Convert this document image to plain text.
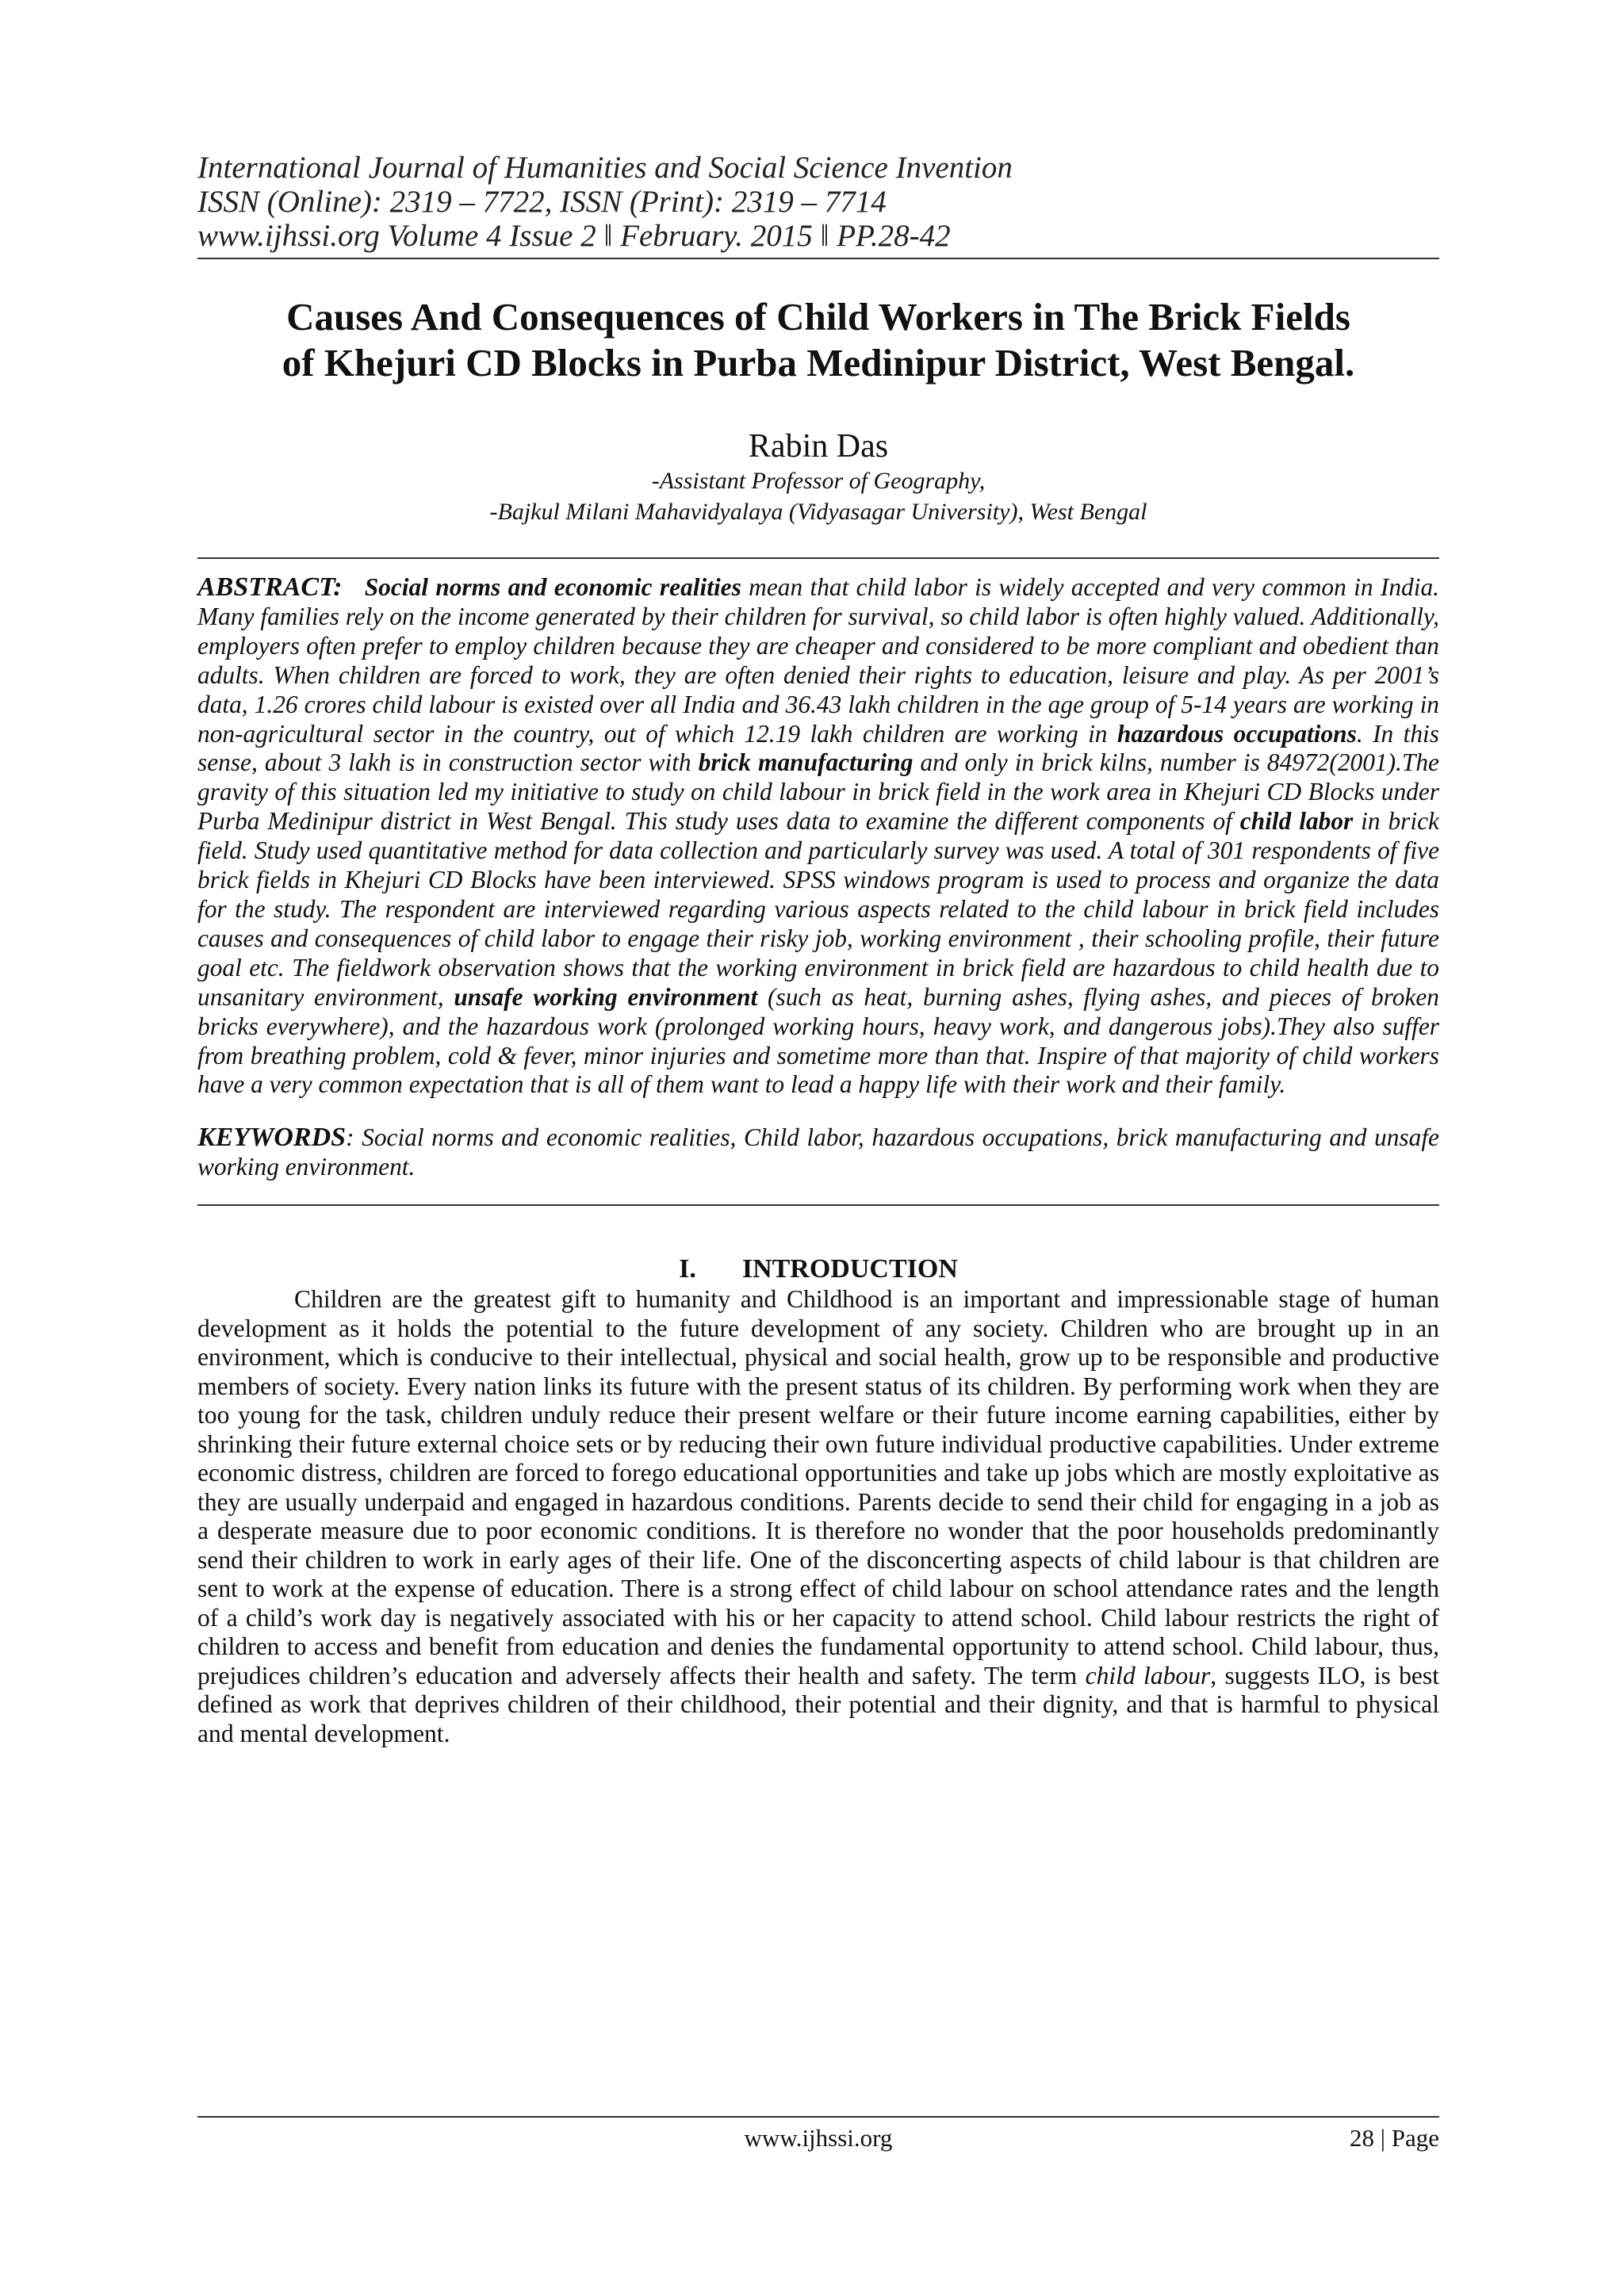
International Journal of Humanities and Social Science Invention
ISSN (Online): 2319 – 7722, ISSN (Print): 2319 – 7714
www.ijhssi.org Volume 4 Issue 2 ǁ February. 2015 ǁ PP.28-42
Causes And Consequences of Child Workers in The Brick Fields
of Khejuri CD Blocks in Purba Medinipur District, West Bengal.
Rabin Das
-Assistant Professor of Geography,
-Bajkul Milani Mahavidyalaya (Vidyasagar University), West Bengal
ABSTRACT: Social norms and economic realities mean that child labor is widely accepted and very common in India. Many families rely on the income generated by their children for survival, so child labor is often highly valued. Additionally, employers often prefer to employ children because they are cheaper and considered to be more compliant and obedient than adults. When children are forced to work, they are often denied their rights to education, leisure and play. As per 2001’s data, 1.26 crores child labour is existed over all India and 36.43 lakh children in the age group of 5-14 years are working in non-agricultural sector in the country, out of which 12.19 lakh children are working in hazardous occupations. In this sense, about 3 lakh is in construction sector with brick manufacturing and only in brick kilns, number is 84972(2001).The gravity of this situation led my initiative to study on child labour in brick field in the work area in Khejuri CD Blocks under Purba Medinipur district in West Bengal. This study uses data to examine the different components of child labor in brick field. Study used quantitative method for data collection and particularly survey was used. A total of 301 respondents of five brick fields in Khejuri CD Blocks have been interviewed. SPSS windows program is used to process and organize the data for the study. The respondent are interviewed regarding various aspects related to the child labour in brick field includes causes and consequences of child labor to engage their risky job, working environment , their schooling profile, their future goal etc. The fieldwork observation shows that the working environment in brick field are hazardous to child health due to unsanitary environment, unsafe working environment (such as heat, burning ashes, flying ashes, and pieces of broken bricks everywhere), and the hazardous work (prolonged working hours, heavy work, and dangerous jobs).They also suffer from breathing problem, cold & fever, minor injuries and sometime more than that. Inspire of that majority of child workers have a very common expectation that is all of them want to lead a happy life with their work and their family.
KEYWORDS: Social norms and economic realities, Child labor, hazardous occupations, brick manufacturing and unsafe working environment.
I. INTRODUCTION

Children are the greatest gift to humanity and Childhood is an important and impressionable stage of human development as it holds the potential to the future development of any society. Children who are brought up in an environment, which is conducive to their intellectual, physical and social health, grow up to be responsible and productive members of society. Every nation links its future with the present status of its children. By performing work when they are too young for the task, children unduly reduce their present welfare or their future income earning capabilities, either by shrinking their future external choice sets or by reducing their own future individual productive capabilities. Under extreme economic distress, children are forced to forego educational opportunities and take up jobs which are mostly exploitative as they are usually underpaid and engaged in hazardous conditions. Parents decide to send their child for engaging in a job as a desperate measure due to poor economic conditions. It is therefore no wonder that the poor households predominantly send their children to work in early ages of their life. One of the disconcerting aspects of child labour is that children are sent to work at the expense of education. There is a strong effect of child labour on school attendance rates and the length of a child’s work day is negatively associated with his or her capacity to attend school. Child labour restricts the right of children to access and benefit from education and denies the fundamental opportunity to attend school. Child labour, thus, prejudices children’s education and adversely affects their health and safety. The term child labour, suggests ILO, is best defined as work that deprives children of their childhood, their potential and their dignity, and that is harmful to physical and mental development.

www.ijhssi.org	28 | Page
